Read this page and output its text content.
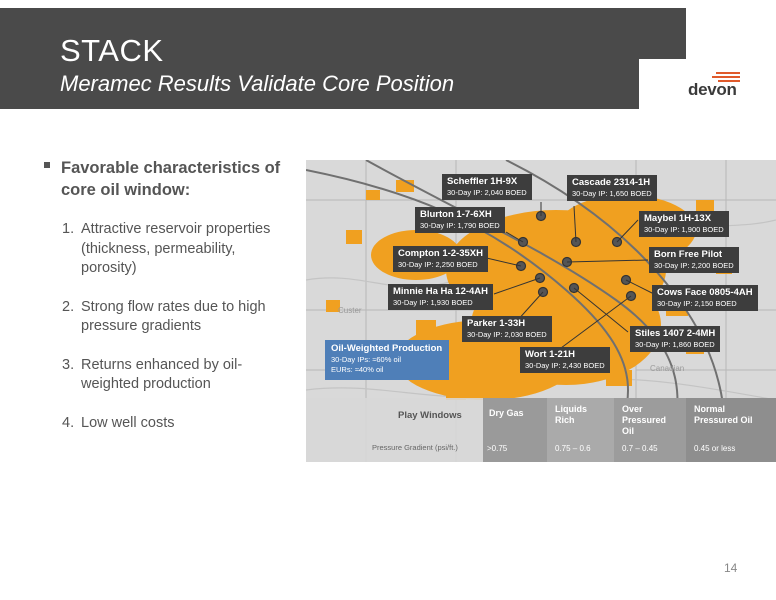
STACK
Meramec Results Validate Core Position	devon
Favorable characteristics of core oil window:
1. Attractive reservoir properties (thickness, permeability, porosity)
2. Strong flow rates due to high pressure gradients
3. Returns enhanced by oil-weighted production
4. Low well costs
Custer
Canadian
Scheffler 1H-9X
30-Day IP: 2,040 BOED
Cascade 2314-1H
30-Day IP: 1,650 BOED
Blurton 1-7-6XH
30-Day IP: 1,790 BOED
Maybel 1H-13X
30-Day IP: 1,900 BOED
Compton 1-2-35XH
30-Day IP: 2,250 BOED
Born Free Pilot
30-Day IP: 2,200 BOED
Minnie Ha Ha 12-4AH
30-Day IP: 1,930 BOED
Cows Face 0805-4AH
30-Day IP: 2,150 BOED
Parker 1-33H
30-Day IP: 2,030 BOED	Stiles 1407 2-4MH
30-Day IP: 1,860 BOED
Wort 1-21H
30-Day IP: 2,430 BOED
Oil-Weighted Production
30-Day IPs: ≈60% oil
EURs: ≈40% oil
Play Windows
Pressure Gradient (psi/ft.)
Dry Gas
>0.75
Liquids Rich
0.75 – 0.6
Over Pressured Oil
0.7 – 0.45
Normal Pressured Oil
0.45 or less
14
